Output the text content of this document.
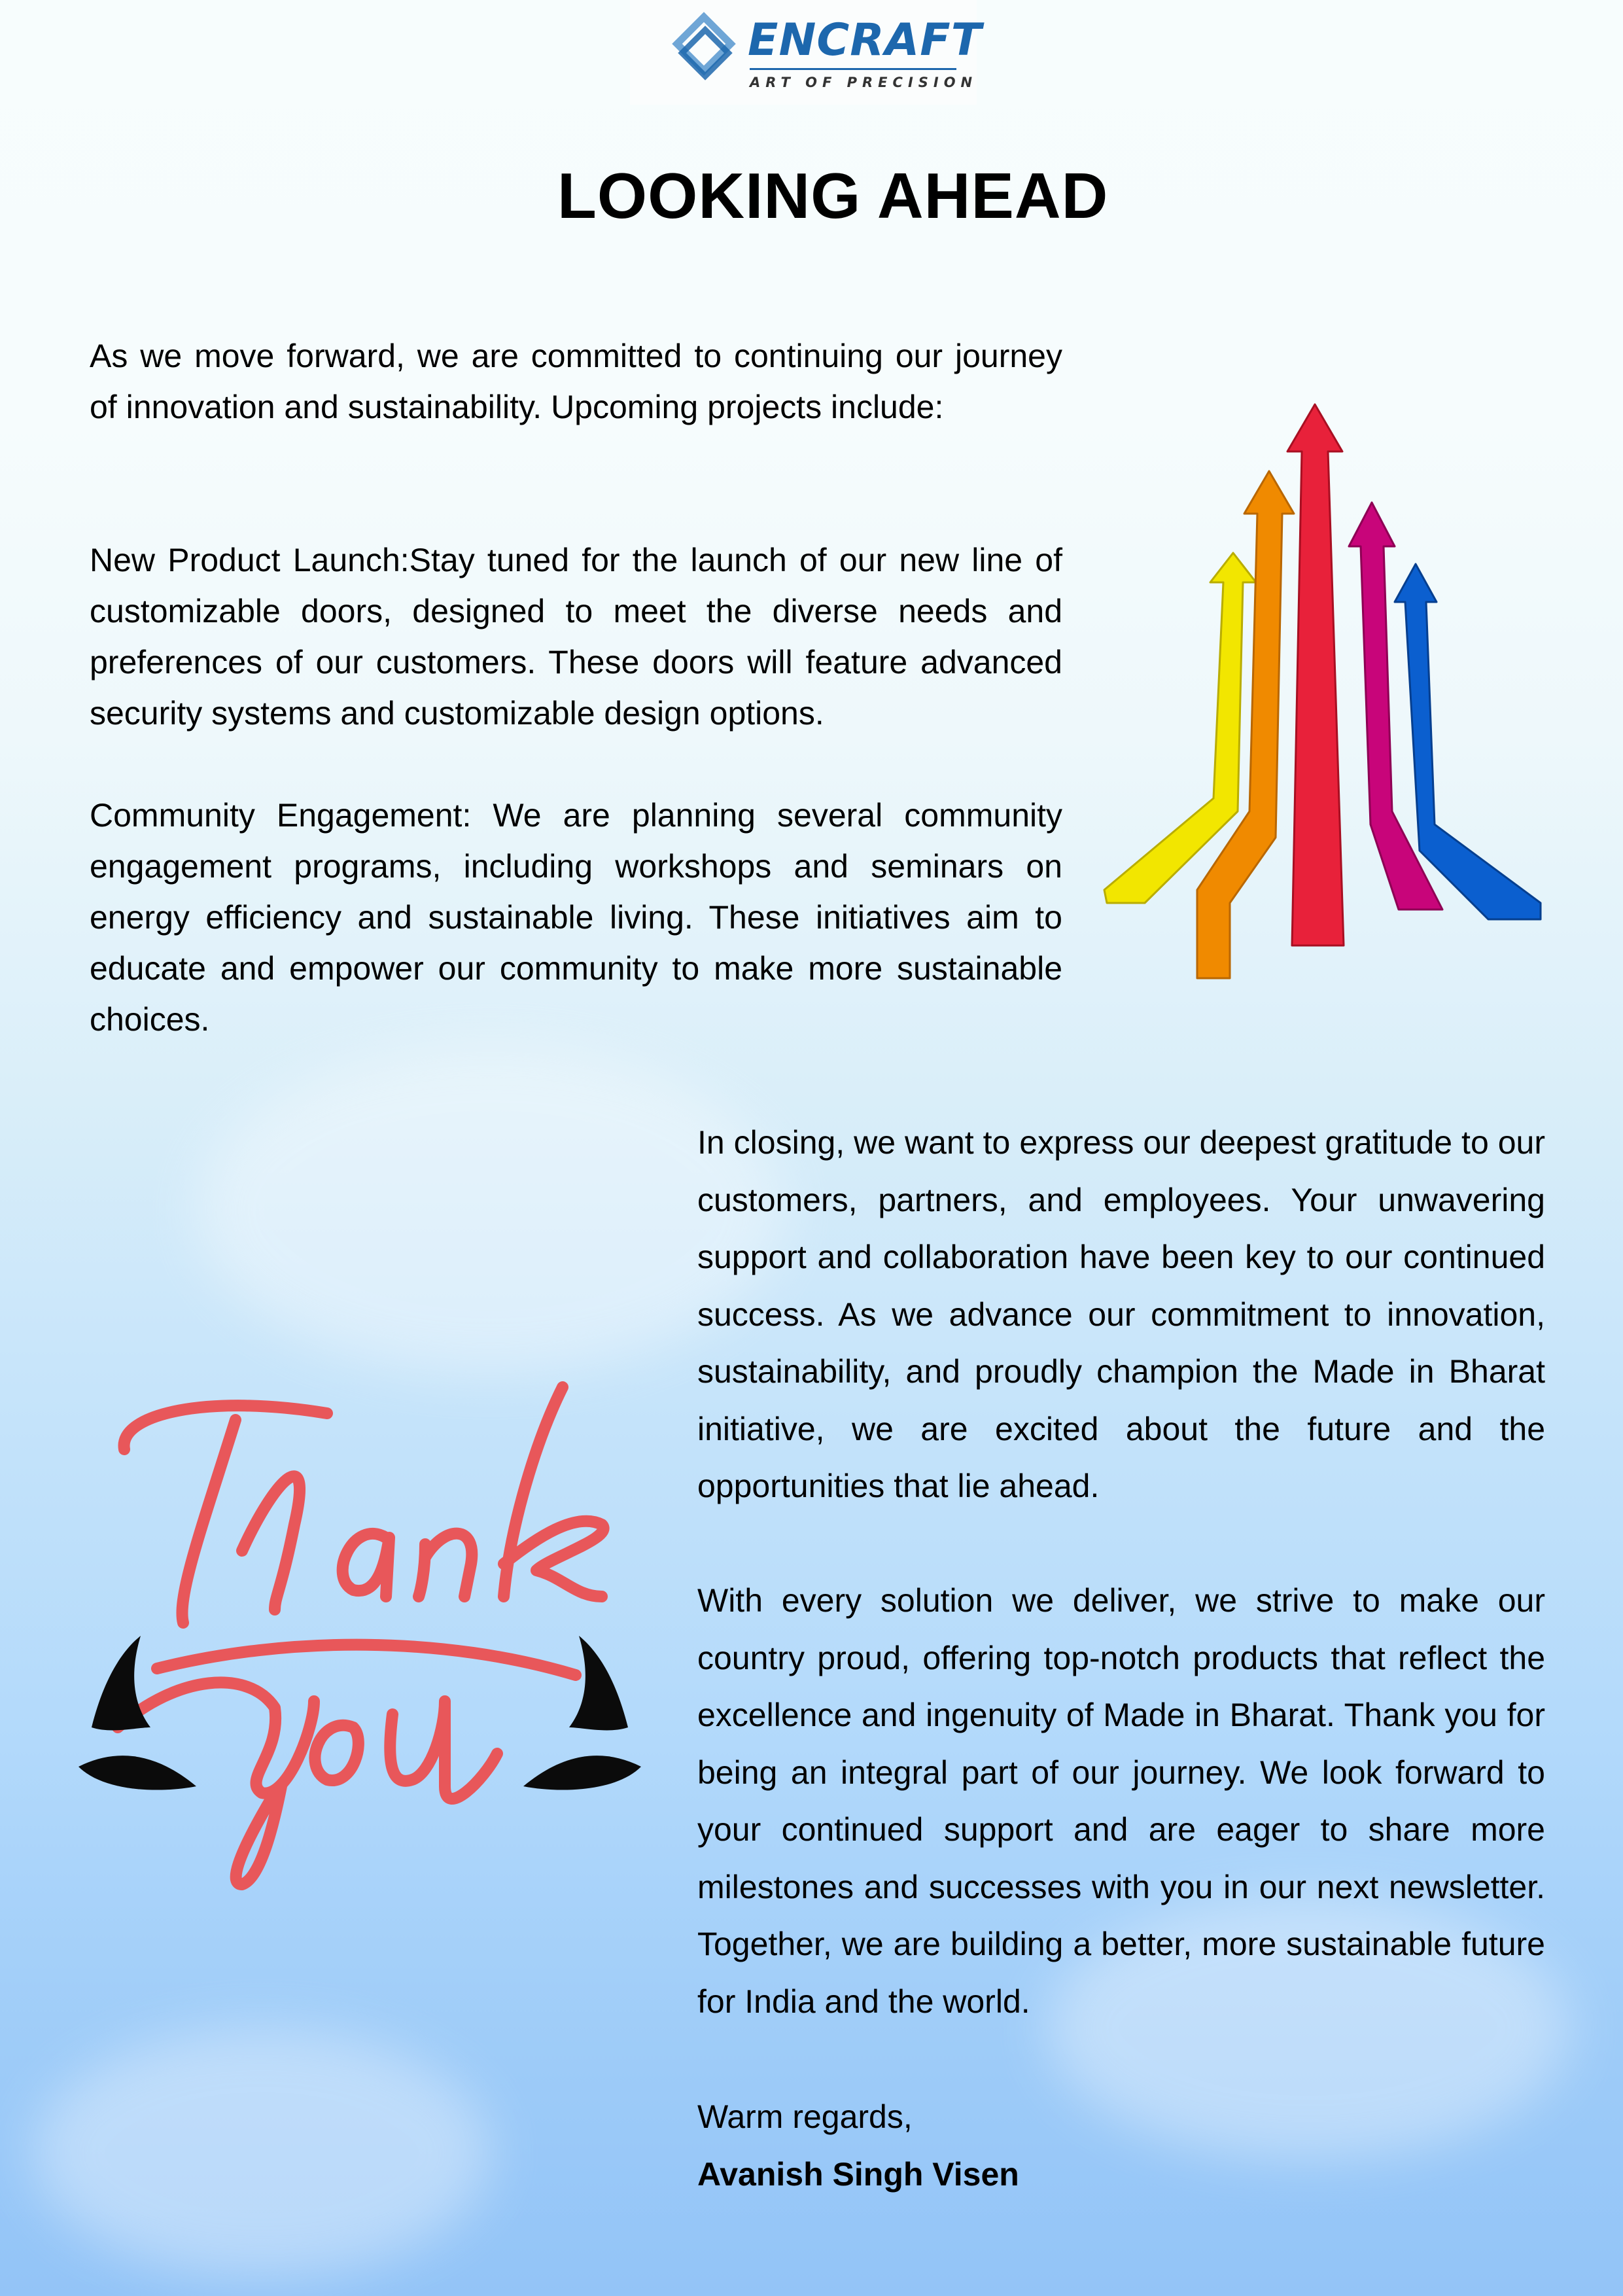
ENCRAFT
ART OF PRECISION
LOOKING AHEAD

As we move forward, we are committed to continuing our journey of innovation and sustainability. Upcoming projects include:

New Product Launch:Stay tuned for the launch of our new line of customizable doors, designed to meet the diverse needs and preferences of our customers. These doors will feature advanced security systems and customizable design options.

Community Engagement: We are planning several community engagement programs, including workshops and seminars on energy efficiency and sustainable living. These initiatives aim to educate and empower our community to make more sustainable choices.

In closing, we want to express our deepest gratitude to our customers, partners, and employees. Your unwavering support and collaboration have been key to our continued success. As we advance our commitment to innovation, sustainability, and proudly champion the Made in Bharat initiative, we are excited about the future and the opportunities that lie ahead.

With every solution we deliver, we strive to make our country proud, offering top-notch products that reflect the excellence and ingenuity of Made in Bharat. Thank you for being an integral part of our journey. We look forward to your continued support and are eager to share more milestones and successes with you in our next newsletter. Together, we are building a better, more sustainable future for India and the world.

Warm regards,

Avanish Singh Visen
